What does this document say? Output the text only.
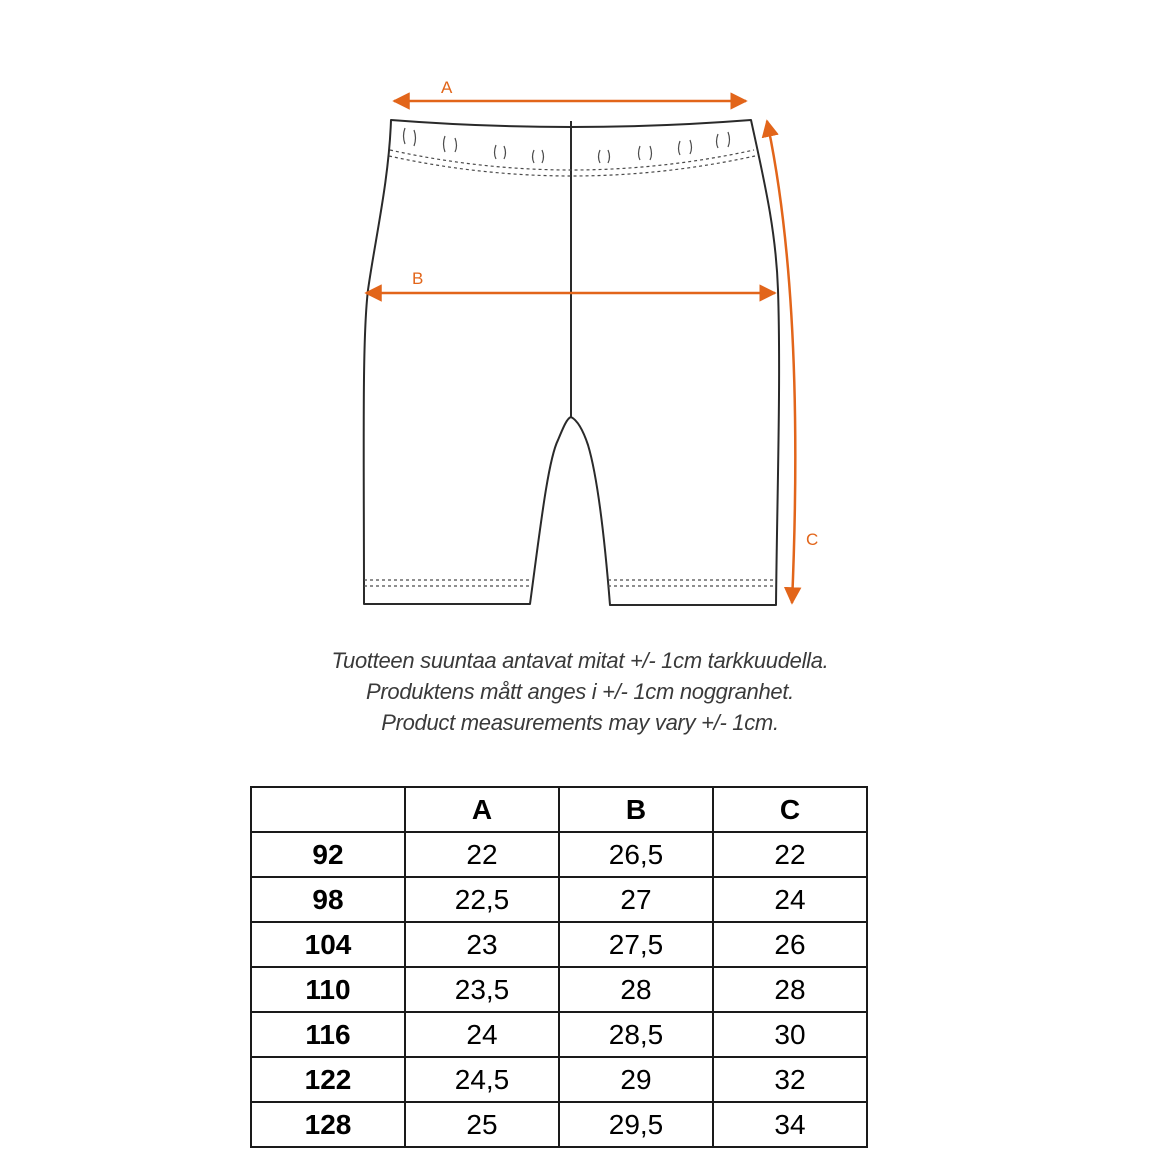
A
B
C
Tuotteen suuntaa antavat mitat +/- 1cm tarkkuudella.
Produktens mått anges i +/- 1cm noggranhet.
Product measurements may vary +/- 1cm.
	A	B	C
92	22	26,5	22
98	22,5	27	24
104	23	27,5	26
110	23,5	28	28
116	24	28,5	30
122	24,5	29	32
128	25	29,5	34
